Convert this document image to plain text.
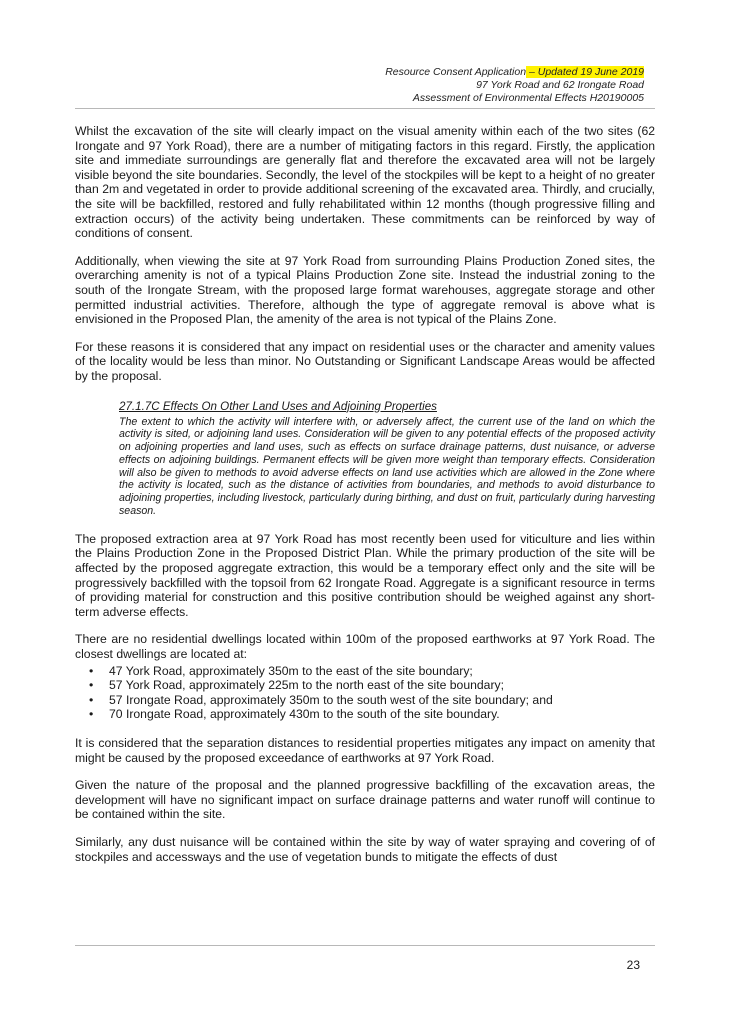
Resource Consent Application – Updated 19 June 2019
97 York Road and 62 Irongate Road
Assessment of Environmental Effects H20190005

Whilst the excavation of the site will clearly impact on the visual amenity within each of the two sites (62 Irongate and 97 York Road), there are a number of mitigating factors in this regard. Firstly, the application site and immediate surroundings are generally flat and therefore the excavated area will not be largely visible beyond the site boundaries. Secondly, the level of the stockpiles will be kept to a height of no greater than 2m and vegetated in order to provide additional screening of the excavated area. Thirdly, and crucially, the site will be backfilled, restored and fully rehabilitated within 12 months (though progressive filling and extraction occurs) of the activity being undertaken. These commitments can be reinforced by way of conditions of consent.

Additionally, when viewing the site at 97 York Road from surrounding Plains Production Zoned sites, the overarching amenity is not of a typical Plains Production Zone site. Instead the industrial zoning to the south of the Irongate Stream, with the proposed large format warehouses, aggregate storage and other permitted industrial activities. Therefore, although the type of aggregate removal is above what is envisioned in the Proposed Plan, the amenity of the area is not typical of the Plains Zone.

For these reasons it is considered that any impact on residential uses or the character and amenity values of the locality would be less than minor. No Outstanding or Significant Landscape Areas would be affected by the proposal.

27.1.7C Effects On Other Land Uses and Adjoining Properties
The extent to which the activity will interfere with, or adversely affect, the current use of the land on which the activity is sited, or adjoining land uses. Consideration will be given to any potential effects of the proposed activity on adjoining properties and land uses, such as effects on surface drainage patterns, dust nuisance, or adverse effects on adjoining buildings. Permanent effects will be given more weight than temporary effects. Consideration will also be given to methods to avoid adverse effects on land use activities which are allowed in the Zone where the activity is located, such as the distance of activities from boundaries, and methods to avoid disturbance to adjoining properties, including livestock, particularly during birthing, and dust on fruit, particularly during harvesting season.

The proposed extraction area at 97 York Road has most recently been used for viticulture and lies within the Plains Production Zone in the Proposed District Plan. While the primary production of the site will be affected by the proposed aggregate extraction, this would be a temporary effect only and the site will be progressively backfilled with the topsoil from 62 Irongate Road. Aggregate is a significant resource in terms of providing material for construction and this positive contribution should be weighed against any short-term adverse effects.

There are no residential dwellings located within 100m of the proposed earthworks at 97 York Road. The closest dwellings are located at:

• 47 York Road, approximately 350m to the east of the site boundary;
• 57 York Road, approximately 225m to the north east of the site boundary;
• 57 Irongate Road, approximately 350m to the south west of the site boundary; and
• 70 Irongate Road, approximately 430m to the south of the site boundary.

It is considered that the separation distances to residential properties mitigates any impact on amenity that might be caused by the proposed exceedance of earthworks at 97 York Road.

Given the nature of the proposal and the planned progressive backfilling of the excavation areas, the development will have no significant impact on surface drainage patterns and water runoff will continue to be contained within the site.

Similarly, any dust nuisance will be contained within the site by way of water spraying and covering of of stockpiles and accessways and the use of vegetation bunds to mitigate the effects of dust

23
